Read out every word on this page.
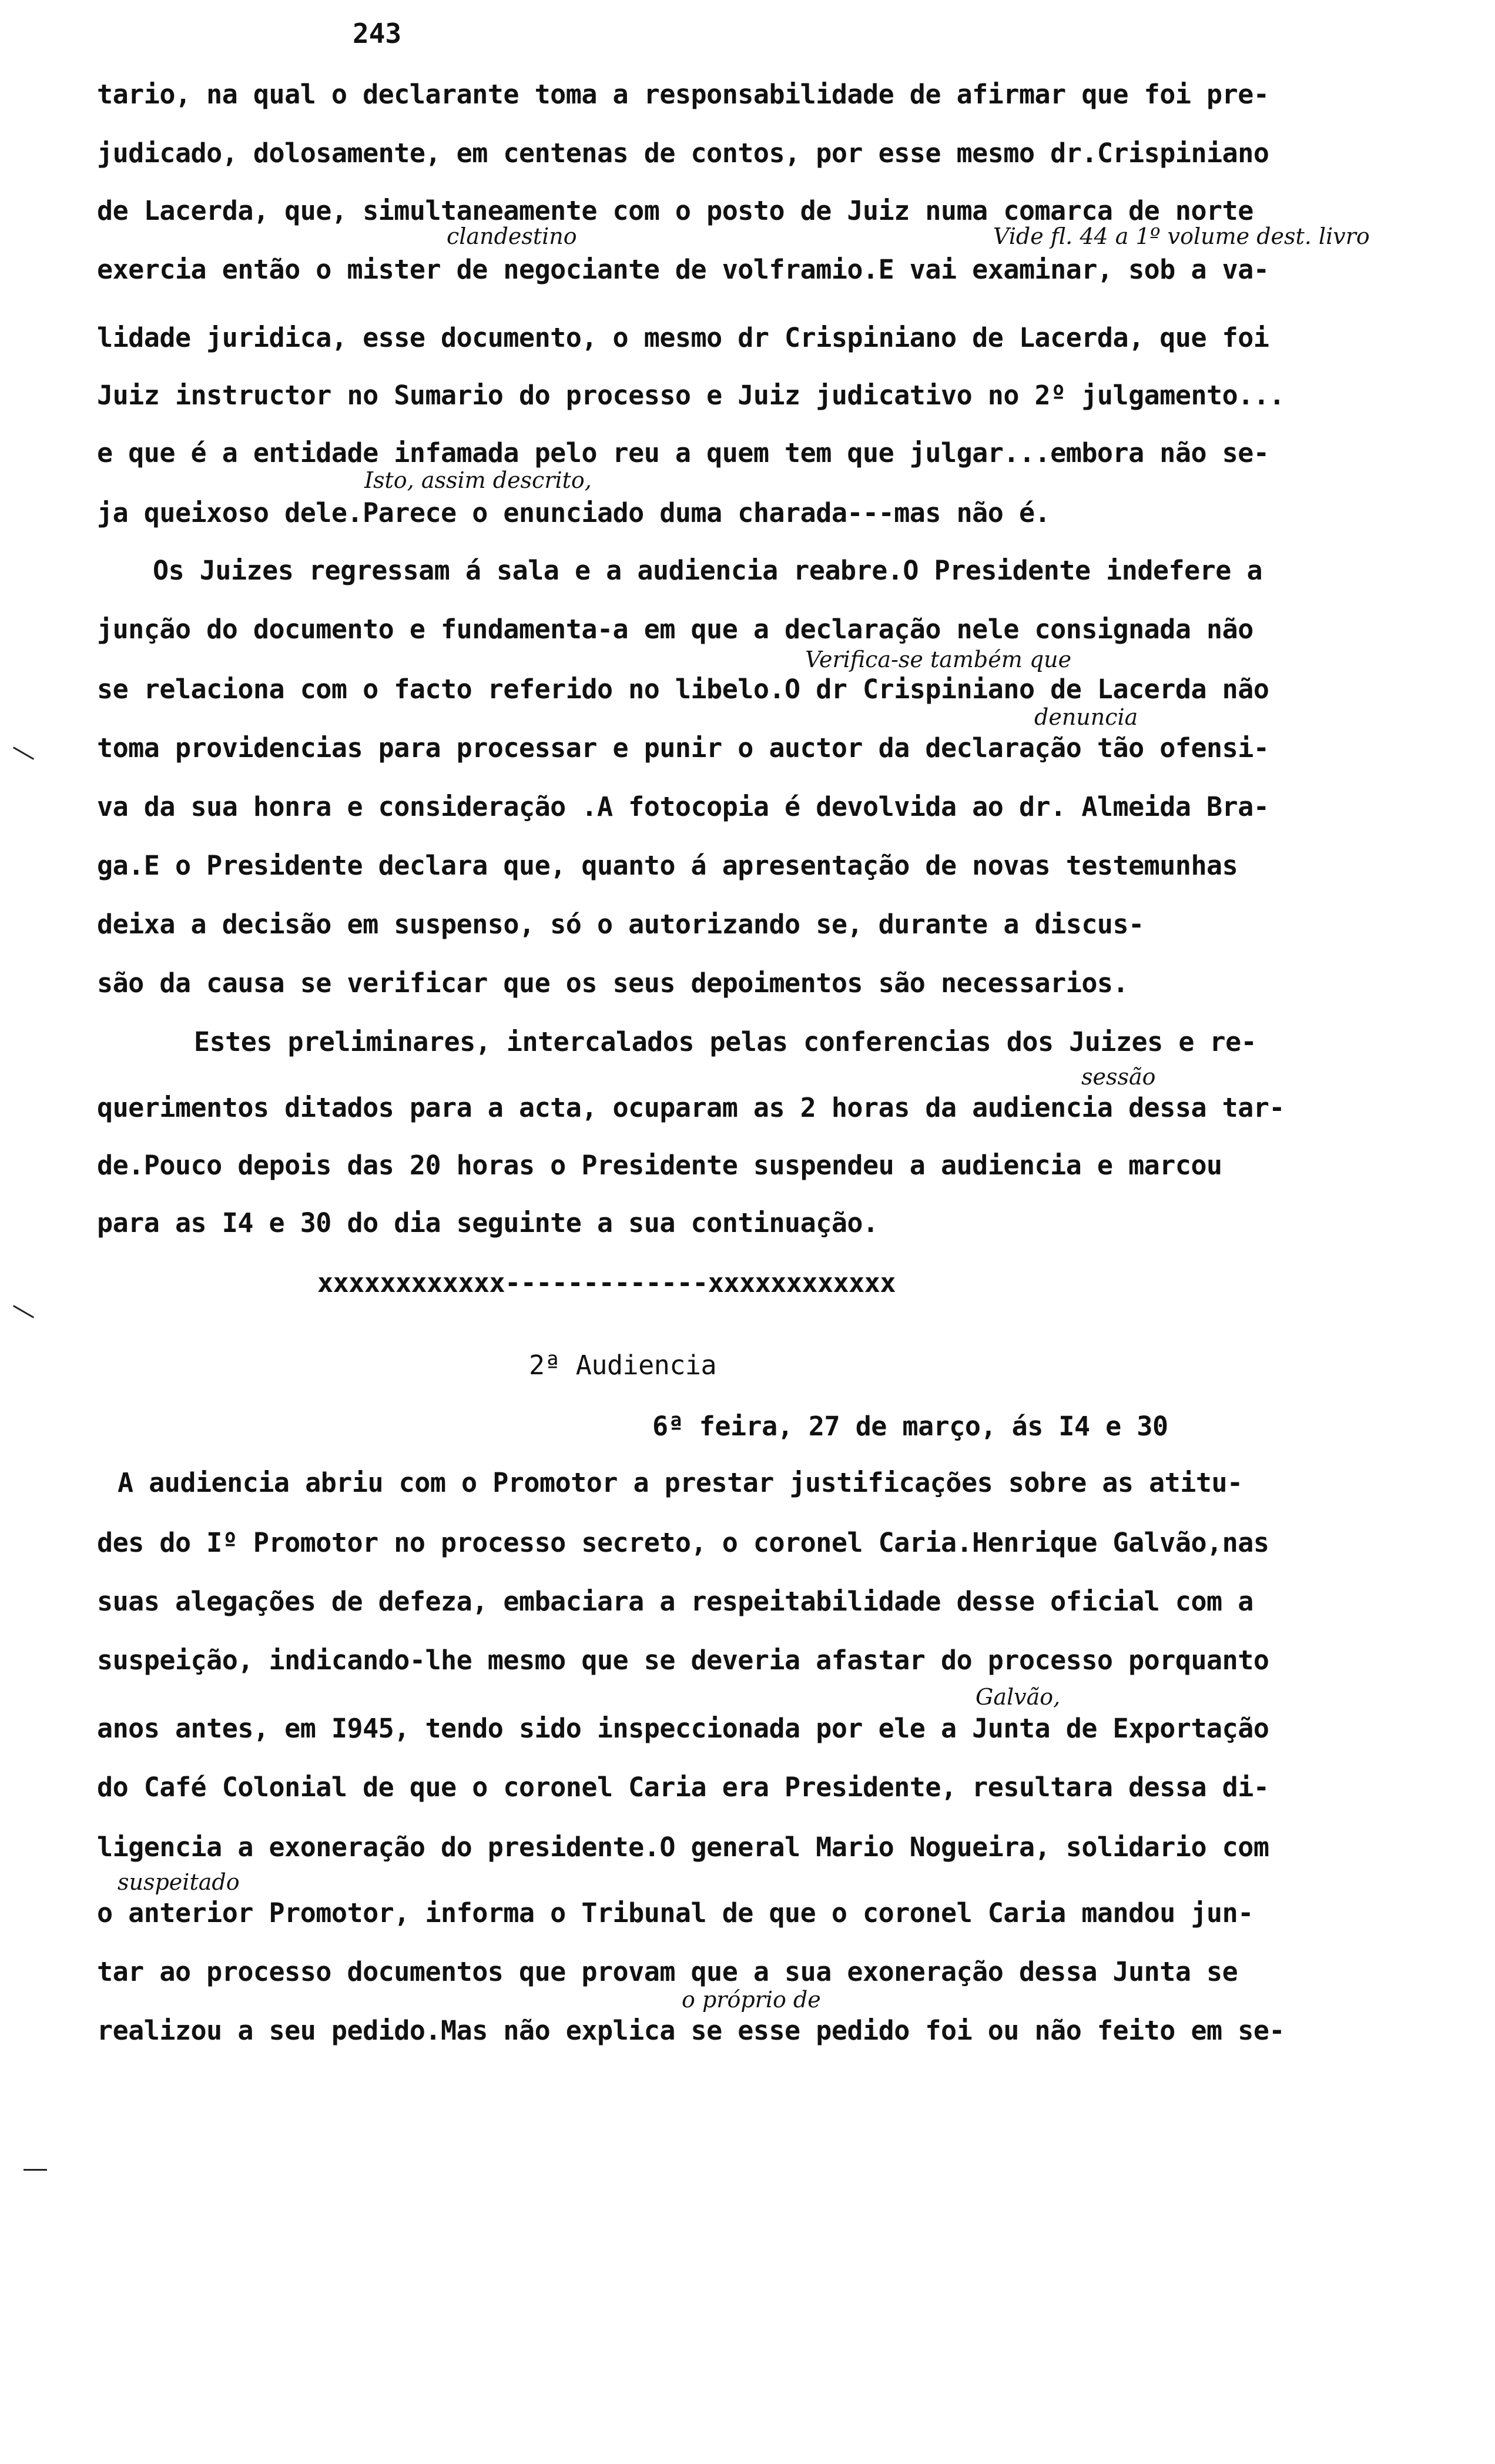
243
tario, na qual o declarante toma a responsabilidade de afirmar que foi pre-
judicado, dolosamente, em centenas de contos, por esse mesmo dr.Crispiniano
de Lacerda, que, simultaneamente com o posto de Juiz numa comarca de norte
exercia então o mister de negociante de volframio.E vai examinar, sob a va-
lidade juridica, esse documento, o mesmo dr Crispiniano de Lacerda, que foi
Juiz instructor no Sumario do processo e Juiz judicativo no 2º julgamento...
e que é a entidade infamada pelo reu a quem tem que julgar...embora não se-
ja queixoso dele.Parece o enunciado duma charada---mas não é.
Os Juizes regressam á sala e a audiencia reabre.O Presidente indefere a
junção do documento e fundamenta-a em que a declaração nele consignada não
se relaciona com o facto referido no libelo.O dr Crispiniano de Lacerda não
toma providencias para processar e punir o auctor da declaração tão ofensi-
va da sua honra e consideração .A fotocopia é devolvida ao dr. Almeida Bra-
ga.E o Presidente declara que, quanto á apresentação de novas testemunhas
deixa a decisão em suspenso, só o autorizando se, durante a discus-
são da causa se verificar que os seus depoimentos são necessarios.
Estes preliminares, intercalados pelas conferencias dos Juizes e re-
querimentos ditados para a acta, ocuparam as 2 horas da audiencia dessa tar-
de.Pouco depois das 20 horas o Presidente suspendeu a audiencia e marcou
para as I4 e 30 do dia seguinte a sua continuação.
xxxxxxxxxxxx-------------xxxxxxxxxxxx
2ª Audiencia
6ª feira, 27 de março, ás I4 e 30
A audiencia abriu com o Promotor a prestar justificações sobre as atitu-
des do Iº Promotor no processo secreto, o coronel Caria.Henrique Galvão,nas
suas alegações de defeza, embaciara a respeitabilidade desse oficial com a
suspeição, indicando-lhe mesmo que se deveria afastar do processo porquanto
anos antes, em I945, tendo sido inspeccionada por ele a Junta de Exportação
do Café Colonial de que o coronel Caria era Presidente, resultara dessa di-
ligencia a exoneração do presidente.O general Mario Nogueira, solidario com
o anterior Promotor, informa o Tribunal de que o coronel Caria mandou jun-
tar ao processo documentos que provam que a sua exoneração dessa Junta se
realizou a seu pedido.Mas não explica se esse pedido foi ou não feito em se-
clandestino	Vide fl. 44 a 1º volume dest. livro
Isto, assim descrito,
Verifica-se também que
denuncia
sessão
Galvão,
suspeitado
o próprio de
